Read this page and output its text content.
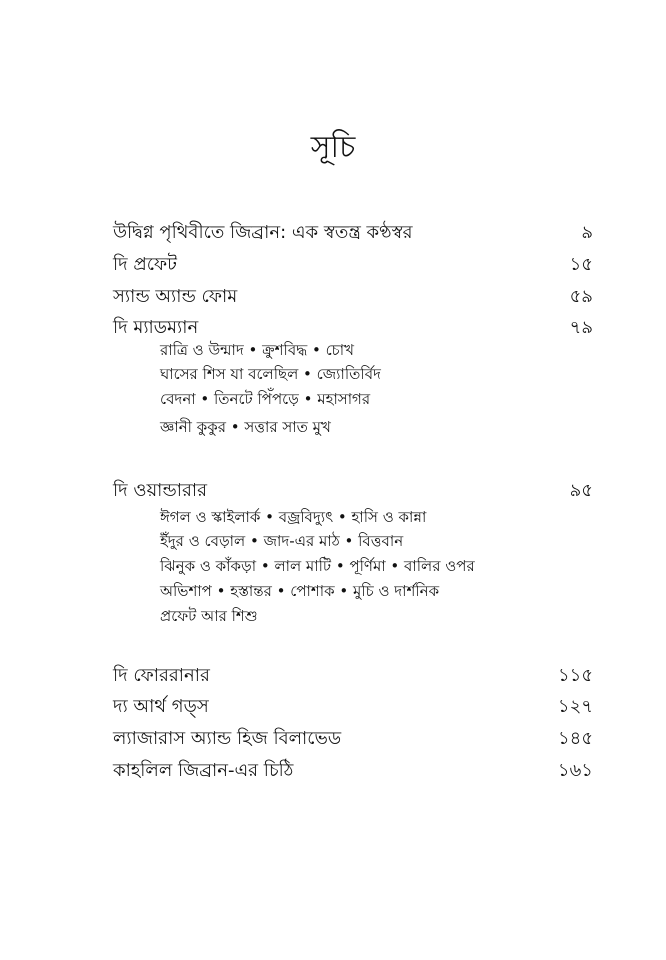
সূচি
উদ্বিগ্ন পৃথিবীতে জিব্রান: এক স্বতন্ত্র কণ্ঠস্বর	৯
দি প্রফেট	১৫
স্যান্ড অ্যান্ড ফোম	৫৯
দি ম্যাডম্যান	৭৯
রাত্রি ও উন্মাদ • ক্রুশবিদ্ধ • চোখ
ঘাসের শিস যা বলেছিল • জ্যোতির্বিদ
বেদনা • তিনটে পিঁপড়ে • মহাসাগর
জ্ঞানী কুকুর • সত্তার সাত মুখ
দি ওয়ান্ডারার	৯৫
ঈগল ও স্কাইলার্ক • বজ্রবিদ্যুৎ • হাসি ও কান্না
ইঁদুর ও বেড়াল • জাদ-এর মাঠ • বিত্তবান
ঝিনুক ও কাঁকড়া • লাল মাটি • পূর্ণিমা • বালির ওপর
অভিশাপ • হস্তান্তর • পোশাক • মুচি ও দার্শনিক
প্রফেট আর শিশু
দি ফোররানার	১১৫
দ্য আর্থ গড্‌স	১২৭
ল্যাজারাস অ্যান্ড হিজ বিলাভেড	১৪৫
কাহলিল জিব্রান-এর চিঠি	১৬১
